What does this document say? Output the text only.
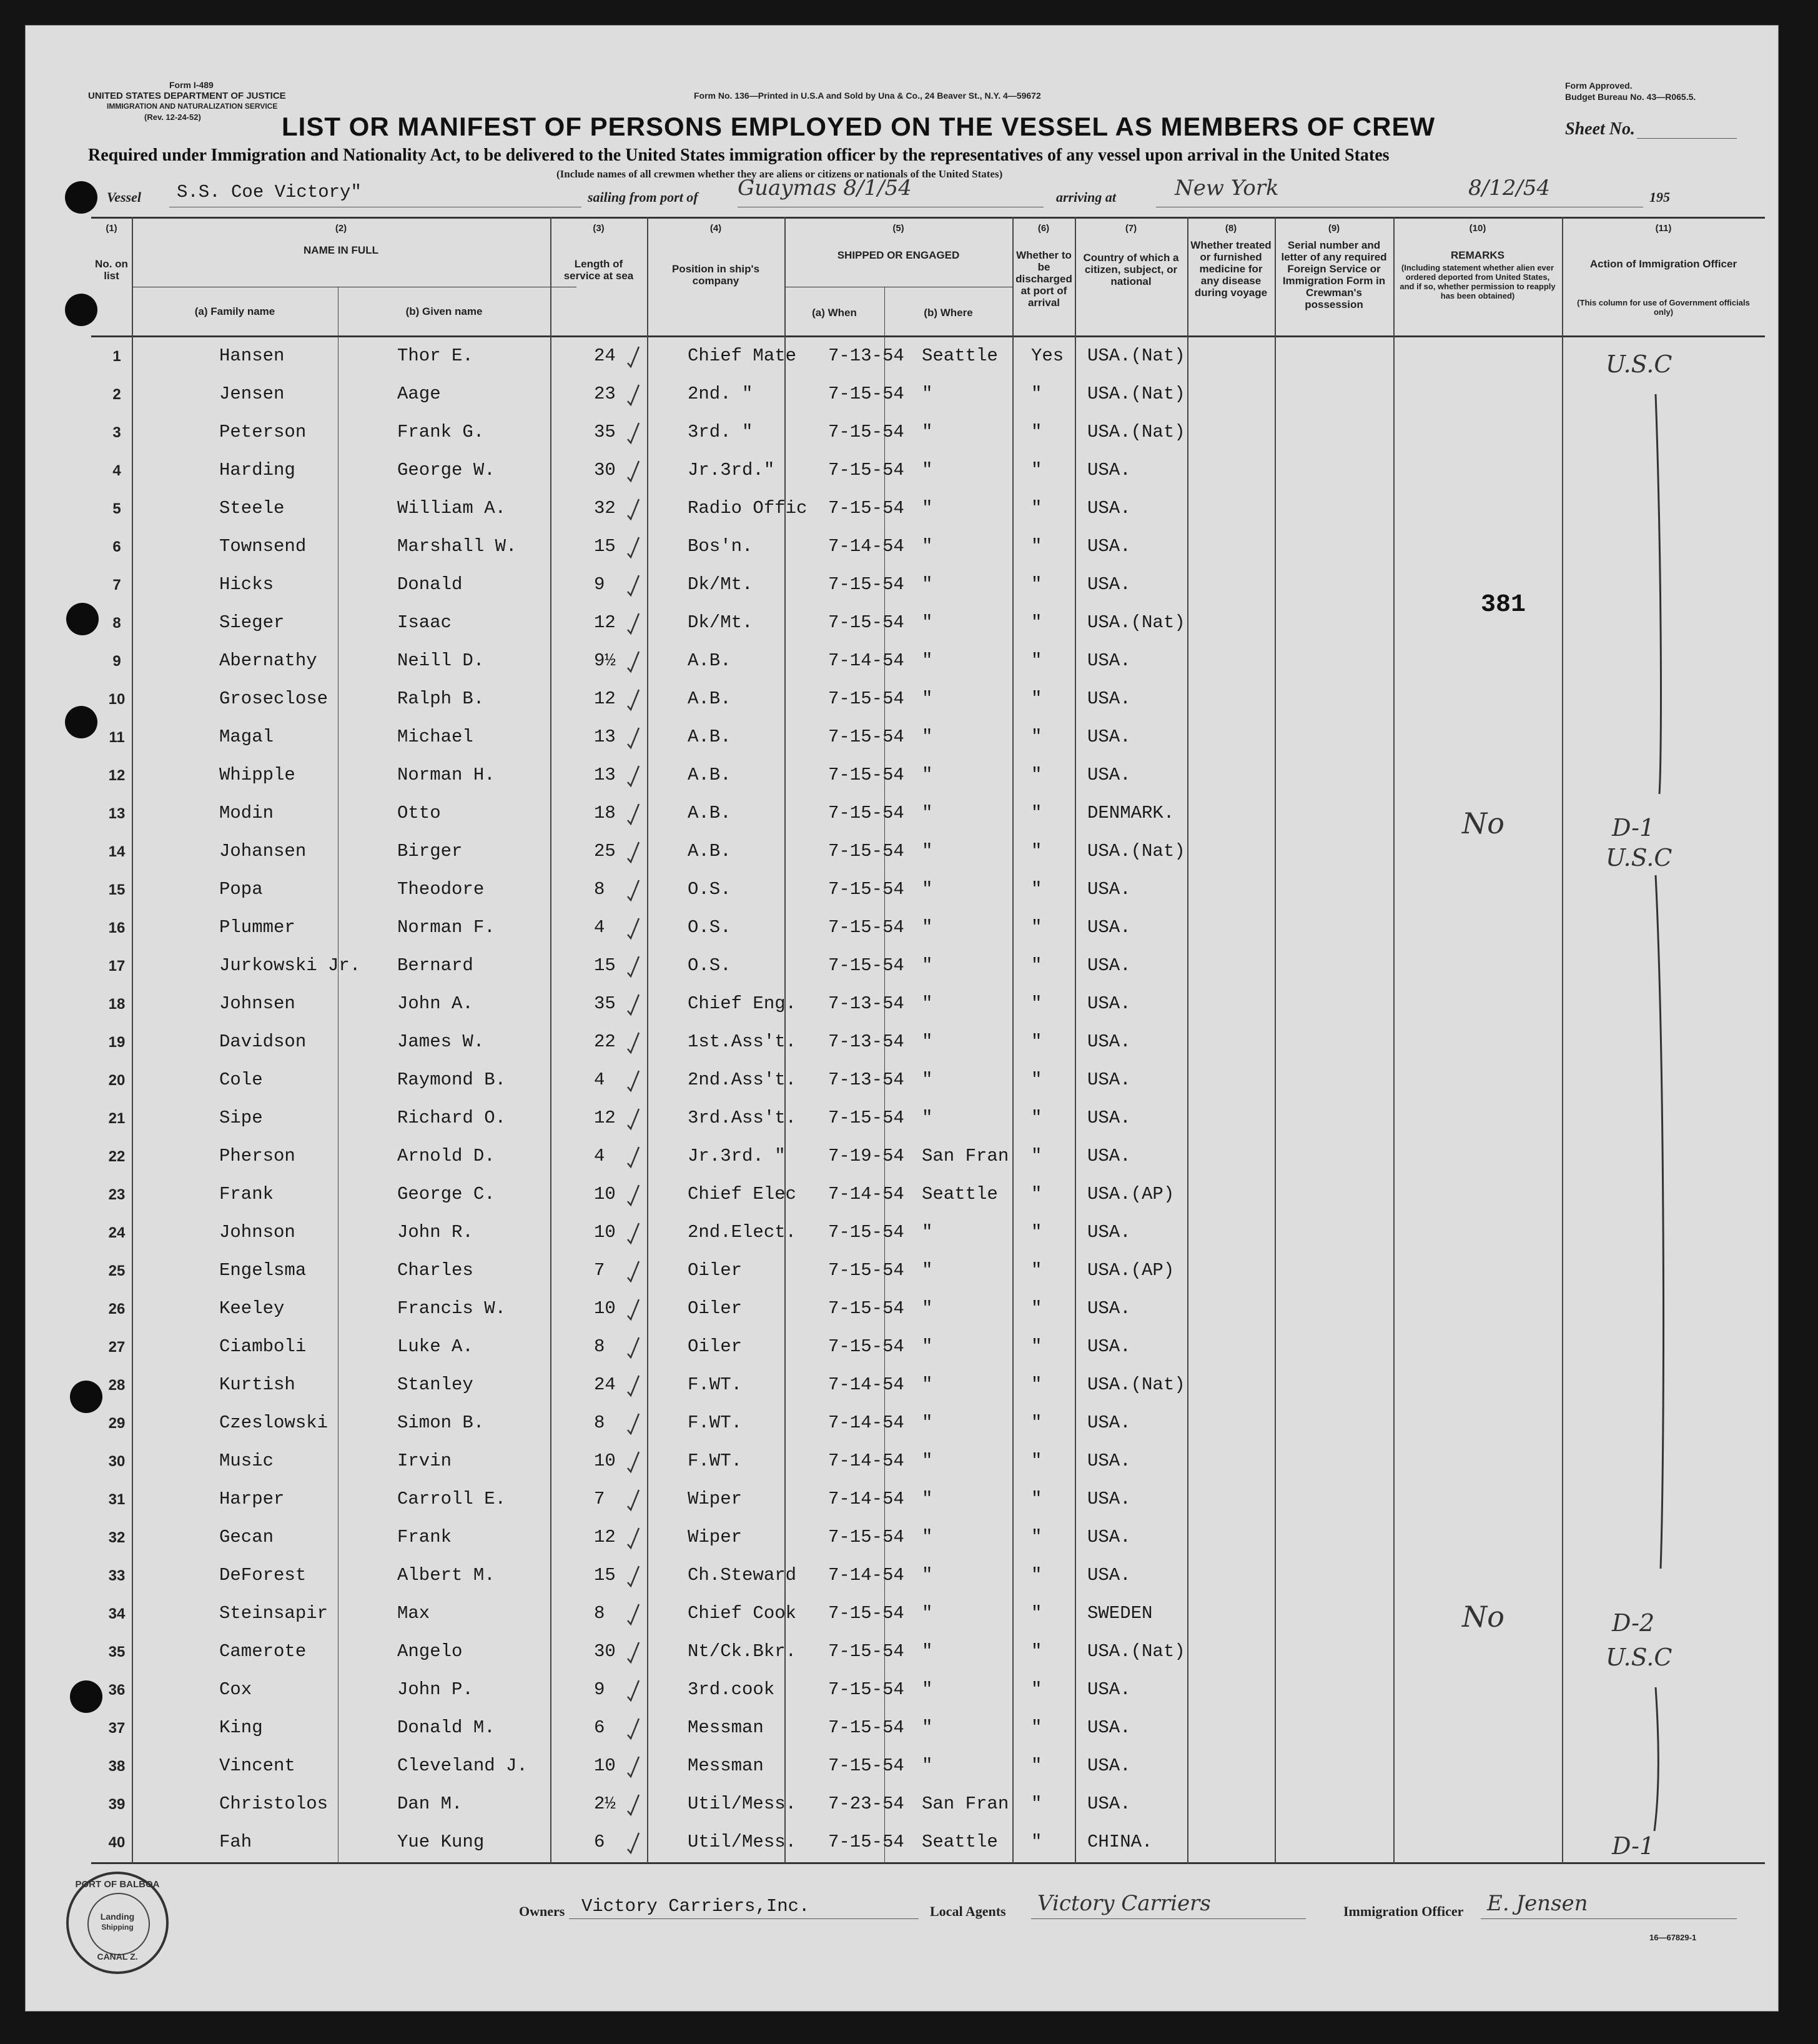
Form I-489
UNITED STATES DEPARTMENT OF JUSTICE
IMMIGRATION AND NATURALIZATION SERVICE
(Rev. 12-24-52)
Form No. 136—Printed in U.S.A and Sold by Una & Co., 24 Beaver St., N.Y. 4—59672
Form Approved.
Budget Bureau No. 43—R065.5.
LIST OR MANIFEST OF PERSONS EMPLOYED ON THE VESSEL AS MEMBERS OF CREW	Sheet No.
Required under Immigration and Nationality Act, to be delivered to the United States immigration officer by the representatives of any vessel upon arrival in the United States
(Include names of all crewmen whether they are aliens or citizens or nationals of the United States)
Vessel S.S. Coe Victory"	sailing from port of Guaymas 8/1/54	arriving at	New York	8/12/54	195
(1)
No. on list
(2)
NAME IN FULL
(a) Family name	(b) Given name
(3)
Length of service at sea
(4)
Position in ship's company
(5)
SHIPPED OR ENGAGED
(a) When	(b) Where
(6)
Whether to be discharged at port of arrival
(7)
Country of which a citizen, subject, or national
(8)
Whether treated or furnished medicine for any disease during voyage
(9)
Serial number and letter of any required Foreign Service or Immigration Form in Crewman's possession
(10)
REMARKS
(Including statement whether alien ever ordered deported from United States, and if so, whether permission to reapply has been obtained)
(11)
Action of Immigration Officer
(This column for use of Government officials only)
1	Hansen	Thor E.	24	Chief Mate	7-13-54 Seattle	Yes	USA.(Nat)
2	Jensen	Aage	23	2nd. "	7-15-54 "	"	USA.(Nat)
3	Peterson	Frank G.	35	3rd. "	7-15-54 "	"	USA.(Nat)
4	Harding	George W.	30	Jr.3rd."	7-15-54 "	"	USA.
5	Steele	William A.	32	Radio Offic 7-15-54 "	"	USA.
6	Townsend	Marshall W.	15	Bos'n.	7-14-54 "	"	USA.
7	Hicks	Donald	9	Dk/Mt.	7-15-54 "	"	USA.
8	Sieger	Isaac	12	Dk/Mt.	7-15-54 "	"	USA.(Nat)
9	Abernathy	Neill D.	9½	A.B.	7-14-54 "	"	USA.
10	Groseclose	Ralph B.	12	A.B.	7-15-54 "	"	USA.
11	Magal	Michael	13	A.B.	7-15-54 "	"	USA.
12	Whipple	Norman H.	13	A.B.	7-15-54 "	"	USA.
13	Modin	Otto	18	A.B.	7-15-54 "	"	DENMARK.
14	Johansen	Birger	25	A.B.	7-15-54 "	"	USA.(Nat)
15	Popa	Theodore	8	O.S.	7-15-54 "	"	USA.
16	Plummer	Norman F.	4	O.S.	7-15-54 "	"	USA.
17	Jurkowski Jr.	Bernard	15	O.S.	7-15-54 "	"	USA.
18	Johnsen	John A.	35	Chief Eng.	7-13-54 "	"	USA.
19	Davidson	James W.	22	1st.Ass't.	7-13-54 "	"	USA.
20	Cole	Raymond B.	4	2nd.Ass't.	7-13-54 "	"	USA.
21	Sipe	Richard O.	12	3rd.Ass't.	7-15-54 "	"	USA.
22	Pherson	Arnold D.	4	Jr.3rd. "	7-19-54 San Fran	"	USA.
23	Frank	George C.	10	Chief Elec	7-14-54 Seattle	"	USA.(AP)
24	Johnson	John R.	10	2nd.Elect.	7-15-54 "	"	USA.
25	Engelsma	Charles	7	Oiler	7-15-54 "	"	USA.(AP)
26	Keeley	Francis W.	10	Oiler	7-15-54 "	"	USA.
27	Ciamboli	Luke A.	8	Oiler	7-15-54 "	"	USA.
28	Kurtish	Stanley	24	F.WT.	7-14-54 "	"	USA.(Nat)
29	Czeslowski	Simon B.	8	F.WT.	7-14-54 "	"	USA.
30	Music	Irvin	10	F.WT.	7-14-54 "	"	USA.
31	Harper	Carroll E.	7	Wiper	7-14-54 "	"	USA.
32	Gecan	Frank	12	Wiper	7-15-54 "	"	USA.
33	DeForest	Albert M.	15	Ch.Steward	7-14-54 "	"	USA.
34	Steinsapir	Max	8	Chief Cook	7-15-54 "	"	SWEDEN
35	Camerote	Angelo	30	Nt/Ck.Bkr.	7-15-54 "	"	USA.(Nat)
36	Cox	John P.	9	3rd.cook	7-15-54 "	"	USA.
37	King	Donald M.	6	Messman	7-15-54 "	"	USA.
38	Vincent	Cleveland J.	10	Messman	7-15-54 "	"	USA.
39	Christolos	Dan M.	2½	Util/Mess.	7-23-54 San Fran	"	USA.
40	Fah	Yue Kung	6	Util/Mess.	7-15-54 Seattle	"	CHINA.
381
No
No
U.S.C
D-1
U.S.C
D-2
U.S.C
D-1
Owners Victory Carriers,Inc.	Local Agents Victory Carriers	Immigration Officer E. Jensen
16—67829-1
PORT OF BALBOA
Landing
Shipping
CANAL Z.
